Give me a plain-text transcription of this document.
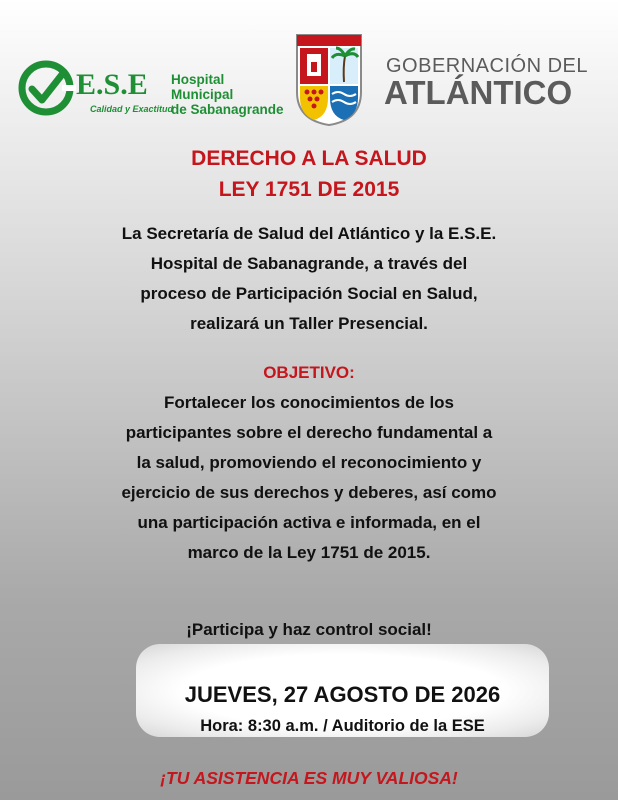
E.S.E
Calidad y Exactitud
Hospital Municipal
de Sabanagrande
GOBERNACIÓN DEL
ATLÁNTICO
DERECHO A LA SALUD
LEY 1751 DE 2015
La Secretaría de Salud del Atlántico y la E.S.E.
Hospital de Sabanagrande, a través del
proceso de Participación Social en Salud,
realizará un Taller Presencial.
OBJETIVO:
Fortalecer los conocimientos de los
participantes sobre el derecho fundamental a
la salud, promoviendo el reconocimiento y
ejercicio de sus derechos y deberes, así como
una participación activa e informada, en el
marco de la Ley 1751 de 2015.
¡Participa y haz control social!
JUEVES, 27 AGOSTO DE 2026
Hora: 8:30 a.m. / Auditorio de la ESE
¡TU ASISTENCIA ES MUY VALIOSA!
